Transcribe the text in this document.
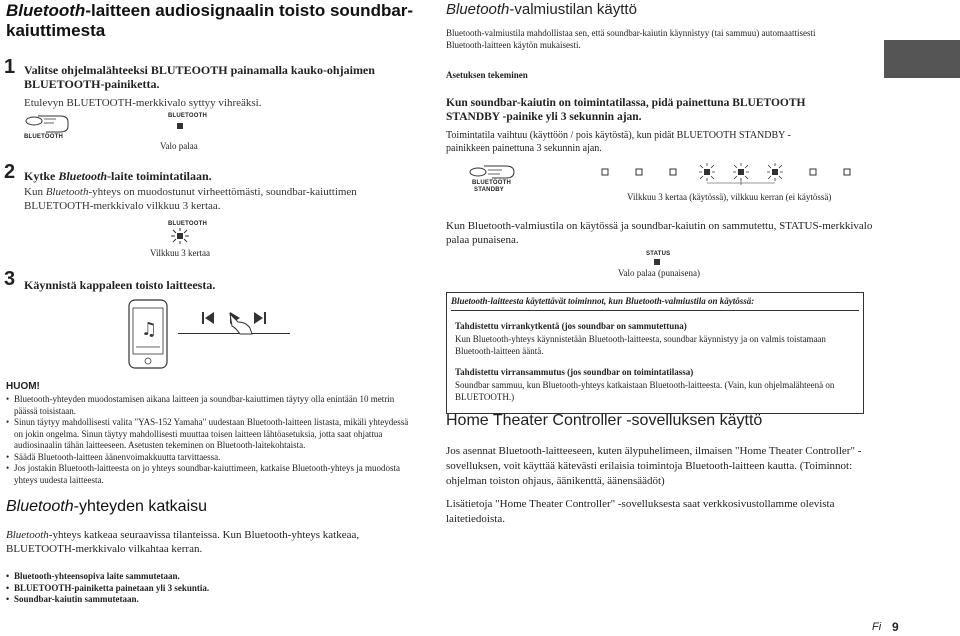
Bluetooth-laitteen audiosignaalin toisto soundbar-kaiuttimesta
1 Valitse ohjelmalähteeksi BLUTEOOTH painamalla kauko-ohjaimen BLUETOOTH-painiketta.
Etulevyn BLUETOOTH-merkkivalo syttyy vihreäksi.
BLUETOOTH
BLUETOOTH
Valo palaa
2 Kytke Bluetooth-laite toimintatilaan.
Kun Bluetooth-yhteys on muodostunut virheettömästi, soundbar-kaiuttimen BLUETOOTH-merkkivalo vilkkuu 3 kertaa.
BLUETOOTH
Vilkkuu 3 kertaa
3 Käynnistä kappaleen toisto laitteesta.
♫
HUOM!
• Bluetooth-yhteyden muodostamisen aikana laitteen ja soundbar-kaiuttimen täytyy olla enintään 10 metrin päässä toisistaan.
• Sinun täytyy mahdollisesti valita "YAS-152 Yamaha" uudestaan Bluetooth-laitteen listasta, mikäli yhteydessä on jokin ongelma. Sinun täytyy mahdollisesti muuttaa toisen laitteen lähtöasetuksia, jotta saat ohjattua audiosinaalin tähän laitteeseen. Asetusten tekeminen on Bluetooth-laitekohtaista.
• Säädä Bluetooth-laitteen äänenvoimakkuutta tarvittaessa.
• Jos jostakin Bluetooth-laitteesta on jo yhteys soundbar-kaiuttimeen, katkaise Bluetooth-yhteys ja muodosta yhteys uudesta laitteesta.
Bluetooth-yhteyden katkaisu
Bluetooth-yhteys katkeaa seuraavissa tilanteissa. Kun Bluetooth-yhteys katkeaa, BLUETOOTH-merkkivalo vilkahtaa kerran.
• Bluetooth-yhteensopiva laite sammutetaan.
• BLUETOOTH-painiketta painetaan yli 3 sekuntia.
• Soundbar-kaiutin sammutetaan.
Bluetooth-valmiustilan käyttö
Bluetooth-valmiustila mahdollistaa sen, että soundbar-kaiutin käynnistyy (tai sammuu) automaattisesti Bluetooth-laitteen käytön mukaisesti.
Asetuksen tekeminen
Kun soundbar-kaiutin on toimintatilassa, pidä painettuna BLUETOOTH STANDBY -painike yli 3 sekunnin ajan.
Toimintatila vaihtuu (käyttöön / pois käytöstä), kun pidät BLUETOOTH STANDBY -painikkeen painettuna 3 sekunnin ajan.
BLUETOOTH
STANDBY
Vilkkuu 3 kertaa (käytössä), vilkkuu kerran (ei käytössä)
Kun Bluetooth-valmiustila on käytössä ja soundbar-kaiutin on sammutettu, STATUS-merkkivalo palaa punaisena.
STATUS
Valo palaa (punaisena)
Bluetooth-laitteesta käytettävät toiminnot, kun Bluetooth-valmiustila on käytössä:
Tahdistettu virrankytkentä (jos soundbar on sammutettuna)
Kun Bluetooth-yhteys käynnistetään Bluetooth-laitteesta, soundbar käynnistyy ja on valmis toistamaan Bluetooth-laitteen ääntä.
Tahdistettu virransammutus (jos soundbar on toimintatilassa)
Soundbar sammuu, kun Bluetooth-yhteys katkaistaan Bluetooth-laitteesta. (Vain, kun ohjelmalähteenä on BLUETOOTH.)
Home Theater Controller -sovelluksen käyttö
Jos asennat Bluetooth-laitteeseen, kuten älypuhelimeen, ilmaisen "Home Theater Controller" -sovelluksen, voit käyttää kätevästi erilaisia toimintoja Bluetooth-laitteen kautta. (Toiminnot: ohjelman toiston ohjaus, äänikenttä, äänensäädöt)
Lisätietoja "Home Theater Controller" -sovelluksesta saat verkkosivustollamme olevista laitetiedoista.
Fi 9
